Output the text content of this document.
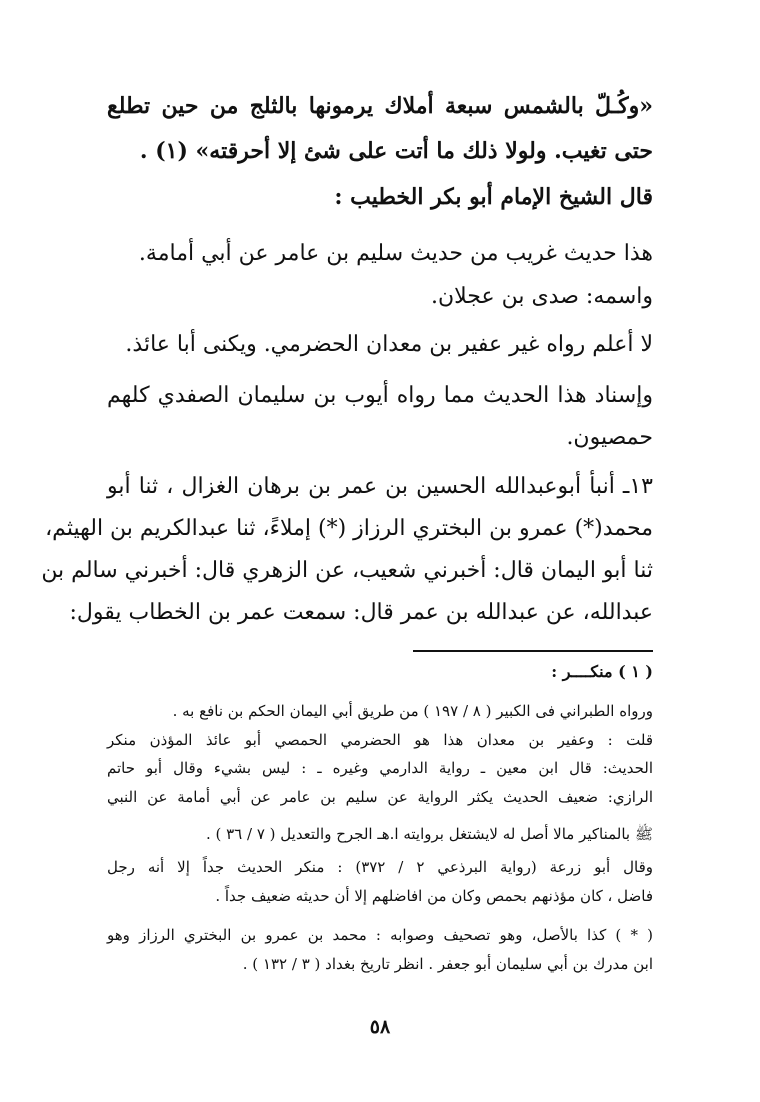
«وكُـلّ بالشمس سبعة أملاك يرمونها بالثلج من حين تطلع
حتى تغيب. ولولا ذلك ما أتت على شئ إلا أحرقته» (١) .
قال الشيخ الإمام أبو بكر الخطيب :
هذا حديث غريب من حديث سليم بن عامر عن أبي أمامة.
واسمه: صدى بن عجلان.
لا أعلم رواه غير عفير بن معدان الحضرمي. ويكنى أبا عائذ.
وإسناد هذا الحديث مما رواه أيوب بن سليمان الصفدي كلهم
حمصيون.
١٣ـ أنبأ أبوعبدالله الحسين بن عمر بن برهان الغزال ، ثنا أبو
محمد(*) عمرو بن البختري الرزاز (*) إملاءً، ثنا عبدالكريم بن الهيثم،
ثنا أبو اليمان قال: أخبرني شعيب، عن الزهري قال: أخبرني سالم بن
عبدالله، عن عبدالله بن عمر قال: سمعت عمر بن الخطاب يقول:
( ١ ) منكــــر :
ورواه الطبراني فى الكبير ( ٨ / ١٩٧ ) من طريق أبي اليمان الحكم بن نافع به .
قلت : وعفير بن معدان هذا هو الحضرمي الحمصي أبو عائذ المؤذن منكر
الحديث: قال ابن معين ـ رواية الدارمي وغيره ـ : ليس بشيء وقال أبو حاتم
الرازي: ضعيف الحديث يكثر الرواية عن سليم بن عامر عن أبي أمامة عن النبي
ﷺ بالمناكير مالا أصل له لايشتغل بروايته ا.هـ الجرح والتعديل ( ٧ / ٣٦ ) .
وقال أبو زرعة (رواية البرذعي ٢ / ٣٧٢) : منكر الحديث جداً إلا أنه رجل
فاضل ، كان مؤذنهم بحمص وكان من افاضلهم إلا أن حديثه ضعيف جداً .
( * ) كذا بالأصل، وهو تصحيف وصوابه : محمد بن عمرو بن البختري الرزاز وهو
ابن مدرك بن أبي سليمان أبو جعفر . انظر تاريخ بغداد ( ٣ / ١٣٢ ) .
٥٨
